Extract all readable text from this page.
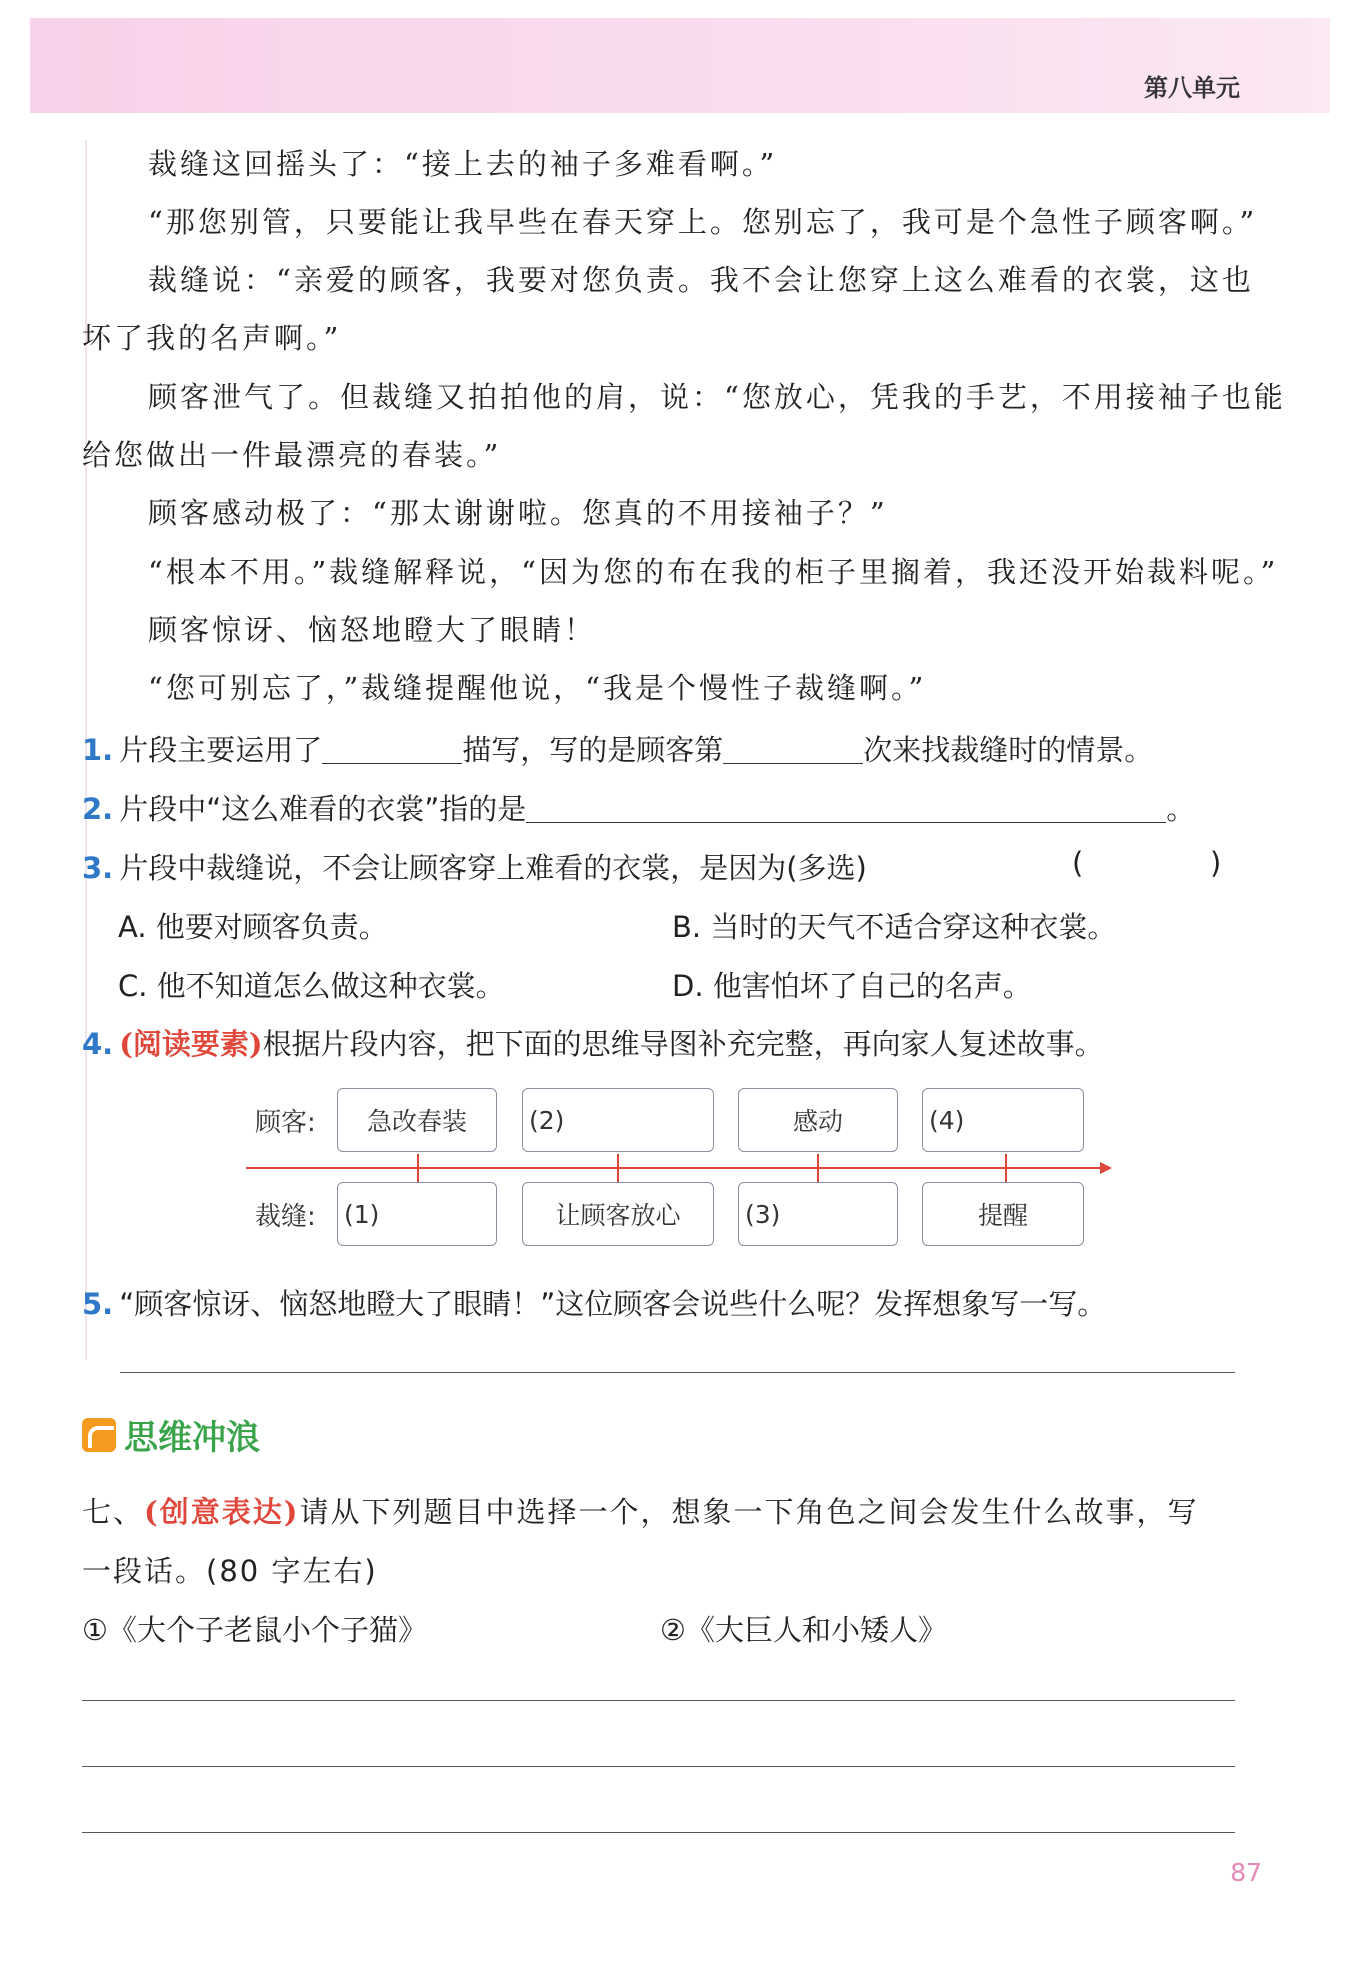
第八单元
裁缝这回摇头了：“接上去的袖子多难看啊。”
“那您别管，只要能让我早些在春天穿上。您别忘了，我可是个急性子顾客啊。”
裁缝说：“亲爱的顾客，我要对您负责。我不会让您穿上这么难看的衣裳，这也
坏了我的名声啊。”
顾客泄气了。但裁缝又拍拍他的肩，说：“您放心，凭我的手艺，不用接袖子也能
给您做出一件最漂亮的春装。”
顾客感动极了：“那太谢谢啦。您真的不用接袖子？”
“根本不用。”裁缝解释说，“因为您的布在我的柜子里搁着，我还没开始裁料呢。”
顾客惊讶、恼怒地瞪大了眼睛！
“您可别忘了，”裁缝提醒他说，“我是个慢性子裁缝啊。”
1. 片段主要运用了	描写，写的是顾客第	次来找裁缝时的情景。
2. 片段中“这么难看的衣裳”指的是	。
3. 片段中裁缝说，不会让顾客穿上难看的衣裳，是因为(多选)	(	)
A. 他要对顾客负责。	B. 当时的天气不适合穿这种衣裳。
C. 他不知道怎么做这种衣裳。	D. 他害怕坏了自己的名声。
4. (阅读要素)根据片段内容，把下面的思维导图补充完整，再向家人复述故事。
顾客:
裁缝:
急改春装	(2)	感动	(4)
(1)	让顾客放心	(3)	提醒
5. “顾客惊讶、恼怒地瞪大了眼睛！”这位顾客会说些什么呢？发挥想象写一写。
思维冲浪
七、(创意表达)请从下列题目中选择一个，想象一下角色之间会发生什么故事，写
一段话。(80 字左右)
①《大个子老鼠小个子猫》	②《大巨人和小矮人》
87
